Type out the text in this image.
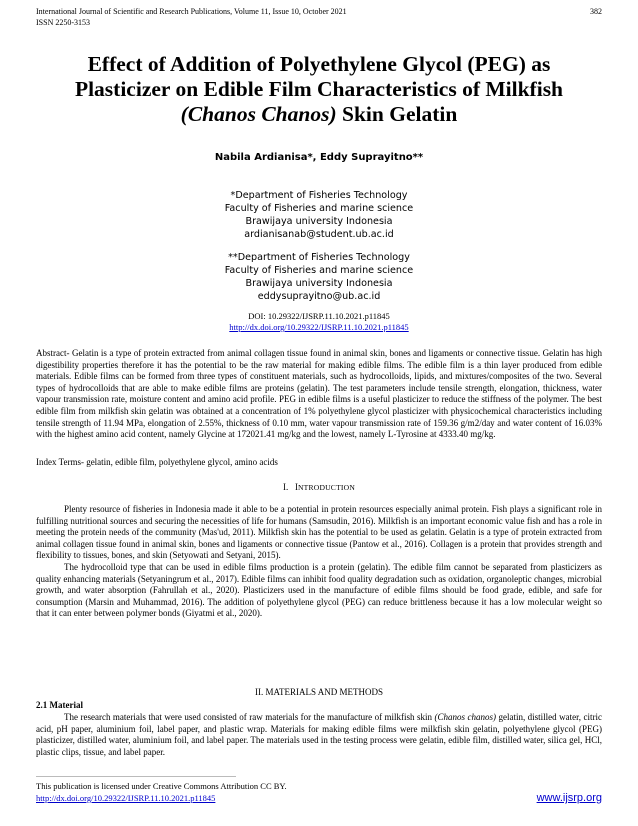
International Journal of Scientific and Research Publications, Volume 11, Issue 10, October 2021
ISSN 2250-3153
382
Effect of Addition of Polyethylene Glycol (PEG) as
Plasticizer on Edible Film Characteristics of Milkfish
(Chanos Chanos) Skin Gelatin
Nabila Ardianisa*, Eddy Suprayitno**
*Department of Fisheries Technology
Faculty of Fisheries and marine science
Brawijaya university Indonesia
ardianisanab@student.ub.ac.id
**Department of Fisheries Technology
Faculty of Fisheries and marine science
Brawijaya university Indonesia
eddysuprayitno@ub.ac.id
DOI: 10.29322/IJSRP.11.10.2021.p11845
http://dx.doi.org/10.29322/IJSRP.11.10.2021.p11845
Abstract- Gelatin is a type of protein extracted from animal collagen tissue found in animal skin, bones and ligaments or connective tissue. Gelatin has high digestibility properties therefore it has the potential to be the raw material for making edible films. The edible film is a thin layer produced from edible materials. Edible films can be formed from three types of constituent materials, such as hydrocolloids, lipids, and mixtures/composites of the two. Several types of hydrocolloids that are able to make edible films are proteins (gelatin). The test parameters include tensile strength, elongation, thickness, water vapour transmission rate, moisture content and amino acid profile. PEG in edible films is a useful plasticizer to reduce the stiffness of the polymer. The best edible film from milkfish skin gelatin was obtained at a concentration of 1% polyethylene glycol plasticizer with physicochemical characteristics including tensile strength of 11.94 MPa, elongation of 2.55%, thickness of 0.10 mm, water vapour transmission rate of 159.36 g/m2/day and water content of 16.03% with the highest amino acid content, namely Glycine at 172021.41 mg/kg and the lowest, namely L-Tyrosine at 4333.40 mg/kg.
Index Terms- gelatin, edible film, polyethylene glycol, amino acids
I. INTRODUCTION

Plenty resource of fisheries in Indonesia made it able to be a potential in protein resources especially animal protein. Fish plays a significant role in fulfilling nutritional sources and securing the necessities of life for humans (Samsudin, 2016). Milkfish is an important economic value fish and has a role in meeting the protein needs of the community (Mas'ud, 2011). Milkfish skin has the potential to be used as gelatin. Gelatin is a type of protein extracted from animal collagen tissue found in animal skin, bones and ligaments or connective tissue (Pantow et al., 2016). Collagen is a protein that provides strength and flexibility to tissues, bones, and skin (Setyowati and Setyani, 2015).

The hydrocolloid type that can be used in edible films production is a protein (gelatin). The edible film cannot be separated from plasticizers as quality enhancing materials (Setyaningrum et al., 2017). Edible films can inhibit food quality degradation such as oxidation, organoleptic changes, microbial growth, and water absorption (Fahrullah et al., 2020). Plasticizers used in the manufacture of edible films should be food grade, edible, and safe for consumption (Marsin and Muhammad, 2016). The addition of polyethylene glycol (PEG) can reduce brittleness because it has a low molecular weight so that it can enter between polymer bonds (Giyatmi et al., 2020).

II. MATERIALS AND METHODS
2.1 Material

The research materials that were used consisted of raw materials for the manufacture of milkfish skin (Chanos chanos) gelatin, distilled water, citric acid, pH paper, aluminium foil, label paper, and plastic wrap. Materials for making edible films were milkfish skin gelatin, polyethylene glycol (PEG) plasticizer, distilled water, aluminium foil, and label paper. The materials used in the testing process were gelatin, edible film, distilled water, silica gel, HCl, plastic clips, tissue, and label paper.

This publication is licensed under Creative Commons Attribution CC BY.
http://dx.doi.org/10.29322/IJSRP.11.10.2021.p11845	www.ijsrp.org
